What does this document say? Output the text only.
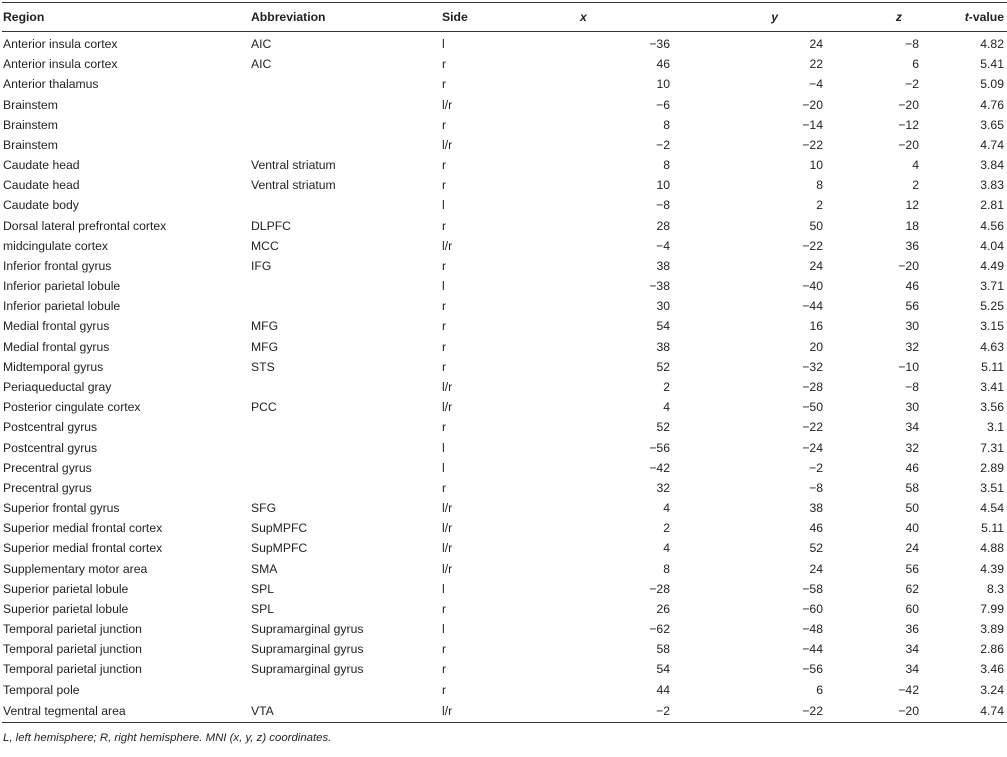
Region	Abbreviation	Side	x	y	z	t-value
Anterior insula cortex	AIC	l	−36	24	−8	4.82
Anterior insula cortex	AIC	r	46	22	6	5.41
Anterior thalamus		r	10	−4	−2	5.09
Brainstem		l/r	−6	−20	−20	4.76
Brainstem		r	8	−14	−12	3.65
Brainstem		l/r	−2	−22	−20	4.74
Caudate head	Ventral striatum	r	8	10	4	3.84
Caudate head	Ventral striatum	r	10	8	2	3.83
Caudate body		l	−8	2	12	2.81
Dorsal lateral prefrontal cortex	DLPFC	r	28	50	18	4.56
midcingulate cortex	MCC	l/r	−4	−22	36	4.04
Inferior frontal gyrus	IFG	r	38	24	−20	4.49
Inferior parietal lobule		l	−38	−40	46	3.71
Inferior parietal lobule		r	30	−44	56	5.25
Medial frontal gyrus	MFG	r	54	16	30	3.15
Medial frontal gyrus	MFG	r	38	20	32	4.63
Midtemporal gyrus	STS	r	52	−32	−10	5.11
Periaqueductal gray		l/r	2	−28	−8	3.41
Posterior cingulate cortex	PCC	l/r	4	−50	30	3.56
Postcentral gyrus		r	52	−22	34	3.1
Postcentral gyrus		l	−56	−24	32	7.31
Precentral gyrus		l	−42	−2	46	2.89
Precentral gyrus		r	32	−8	58	3.51
Superior frontal gyrus	SFG	l/r	4	38	50	4.54
Superior medial frontal cortex	SupMPFC	l/r	2	46	40	5.11
Superior medial frontal cortex	SupMPFC	l/r	4	52	24	4.88
Supplementary motor area	SMA	l/r	8	24	56	4.39
Superior parietal lobule	SPL	l	−28	−58	62	8.3
Superior parietal lobule	SPL	r	26	−60	60	7.99
Temporal parietal junction	Supramarginal gyrus	l	−62	−48	36	3.89
Temporal parietal junction	Supramarginal gyrus	r	58	−44	34	2.86
Temporal parietal junction	Supramarginal gyrus	r	54	−56	34	3.46
Temporal pole		r	44	6	−42	3.24
Ventral tegmental area	VTA	l/r	−2	−22	−20	4.74
L, left hemisphere; R, right hemisphere. MNI (x, y, z) coordinates.
